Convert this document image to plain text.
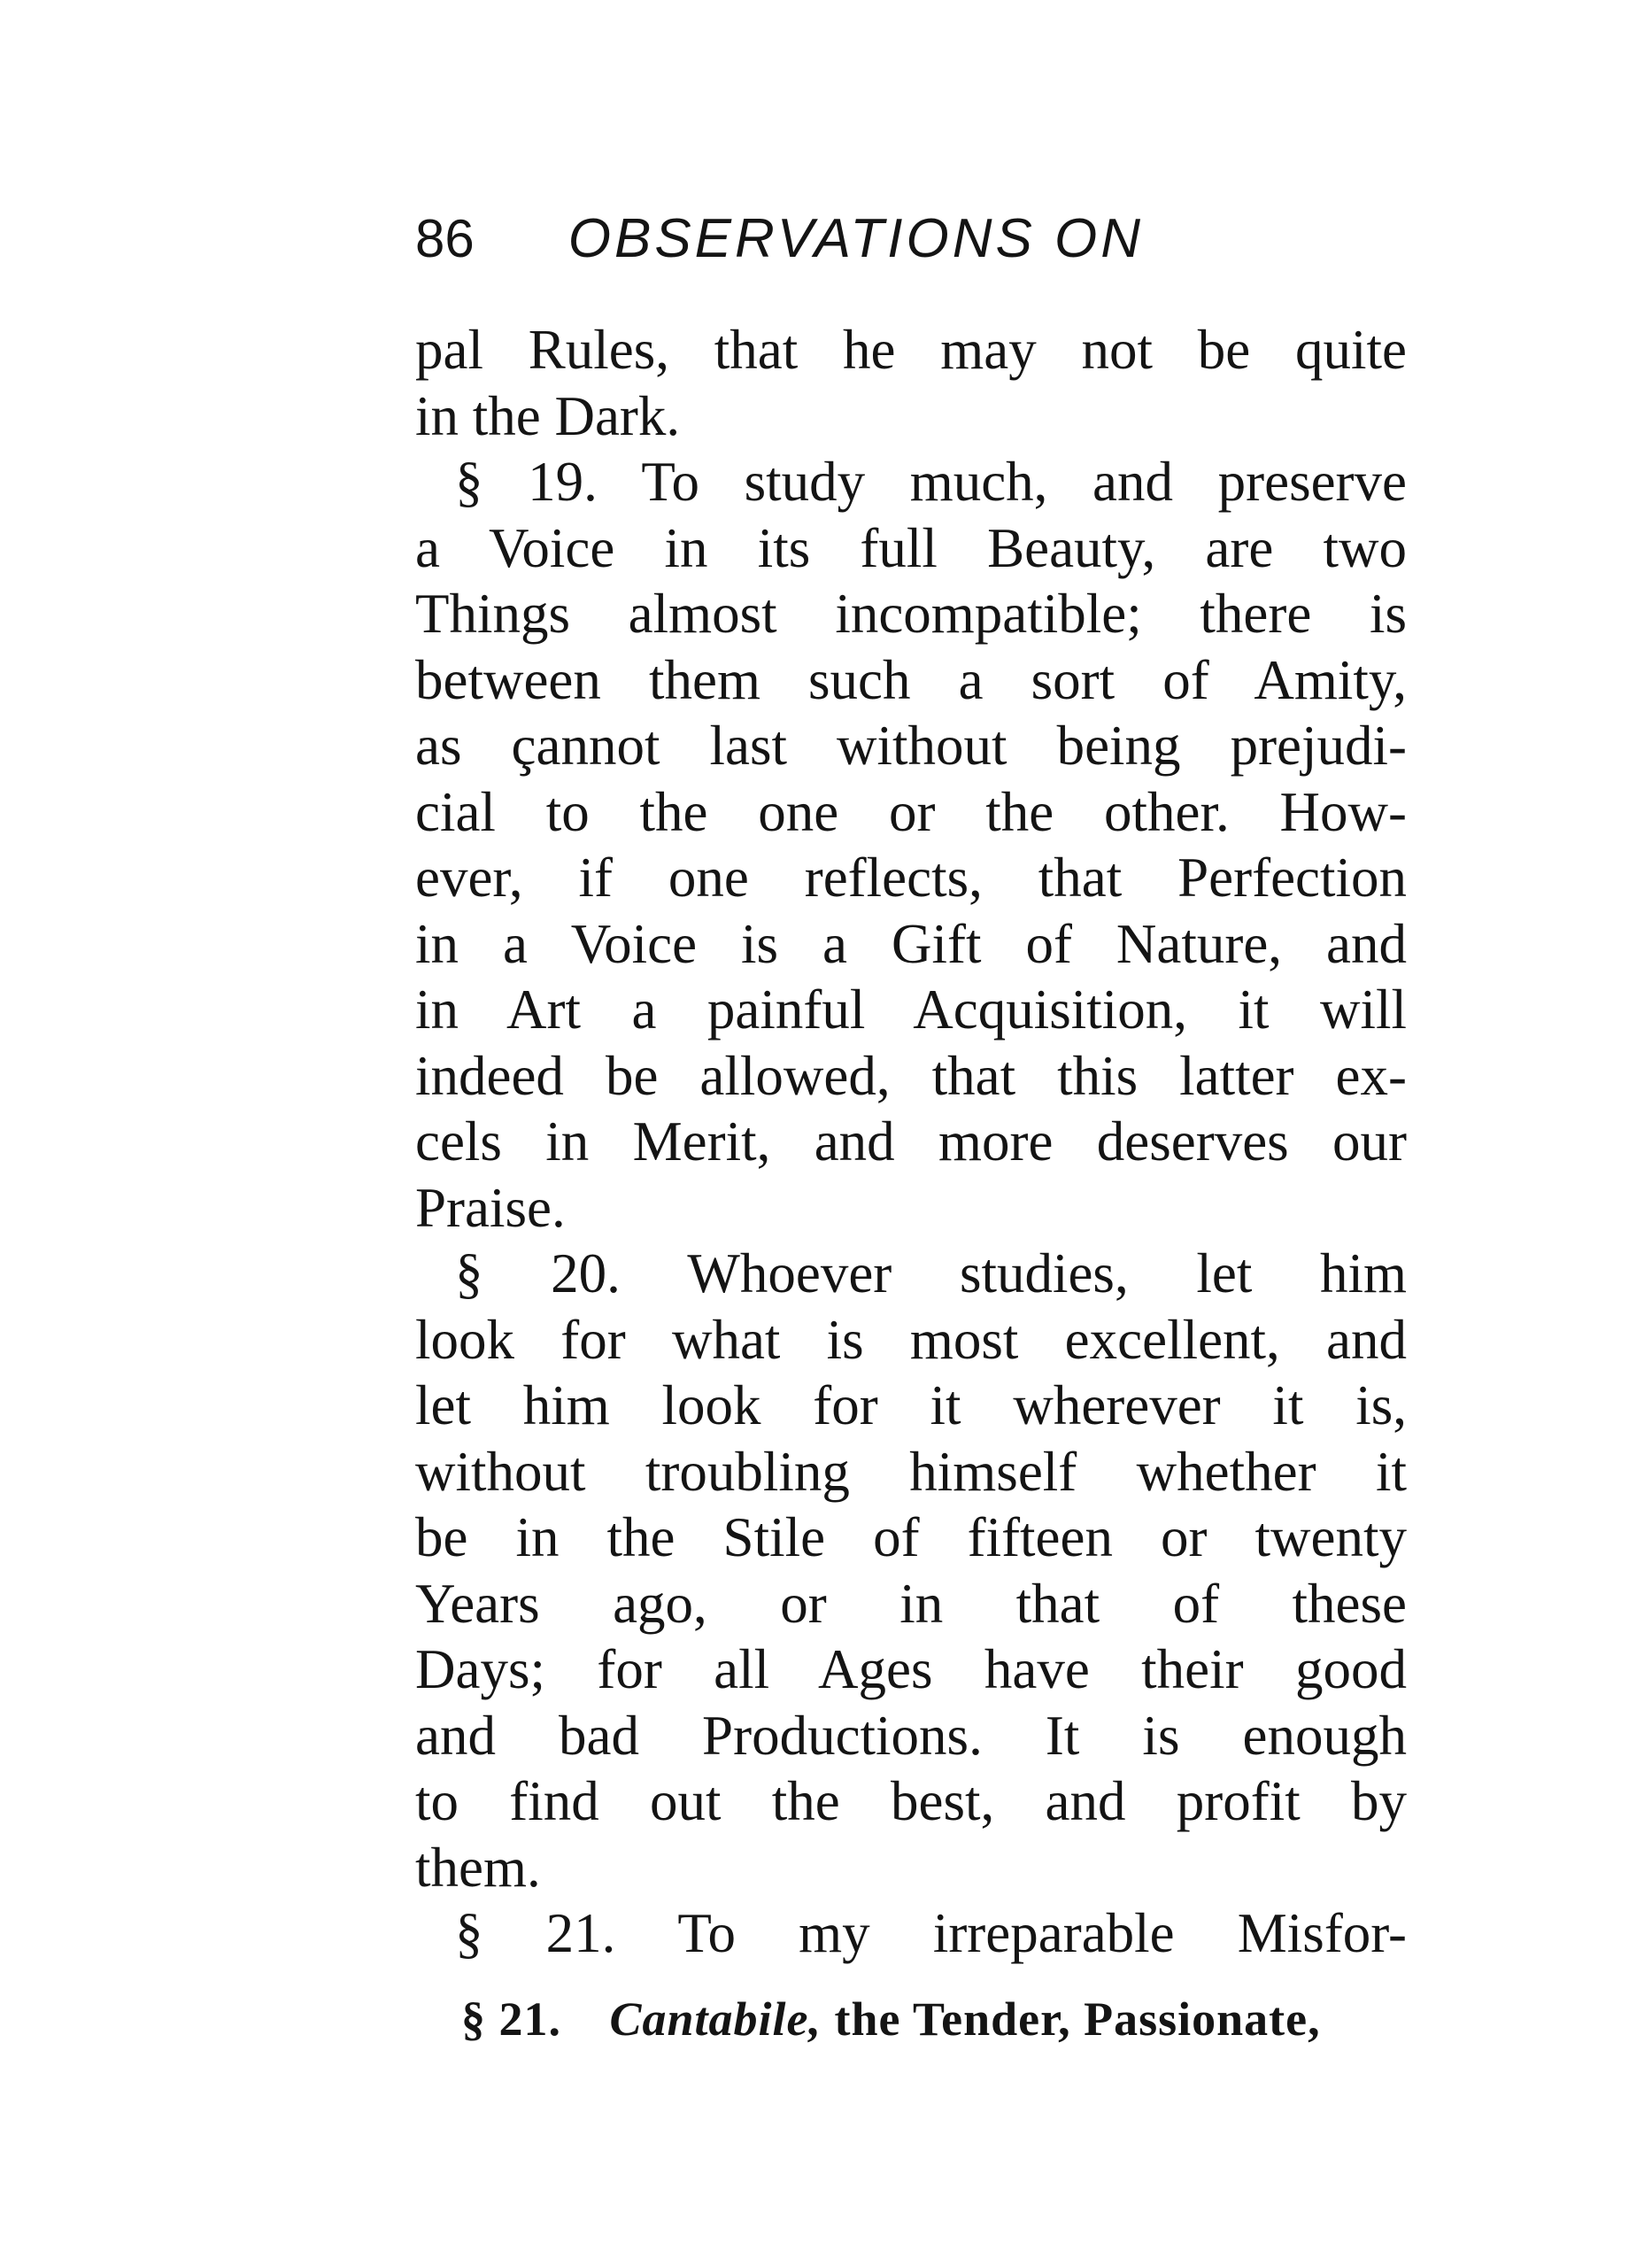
86 OBSERVATIONS ON
pal Rules, that he may not be quite
in the Dark.
§ 19. To study much, and preserve
a Voice in its full Beauty, are two
Things almost incompatible; there is
between them such a sort of Amity,
as çannot last without being prejudi-
cial to the one or the other. How-
ever, if one reflects, that Perfection
in a Voice is a Gift of Nature, and
in Art a painful Acquisition, it will
indeed be allowed, that this latter ex-
cels in Merit, and more deserves our
Praise.
§ 20. Whoever studies, let him
look for what is most excellent, and
let him look for it wherever it is,
without troubling himself whether it
be in the Stile of fifteen or twenty
Years ago, or in that of these
Days; for all Ages have their good
and bad Productions. It is enough
to find out the best, and profit by
them.
§ 21. To my irreparable Misfor-
§ 21. Cantabile, the Tender, Passionate,
